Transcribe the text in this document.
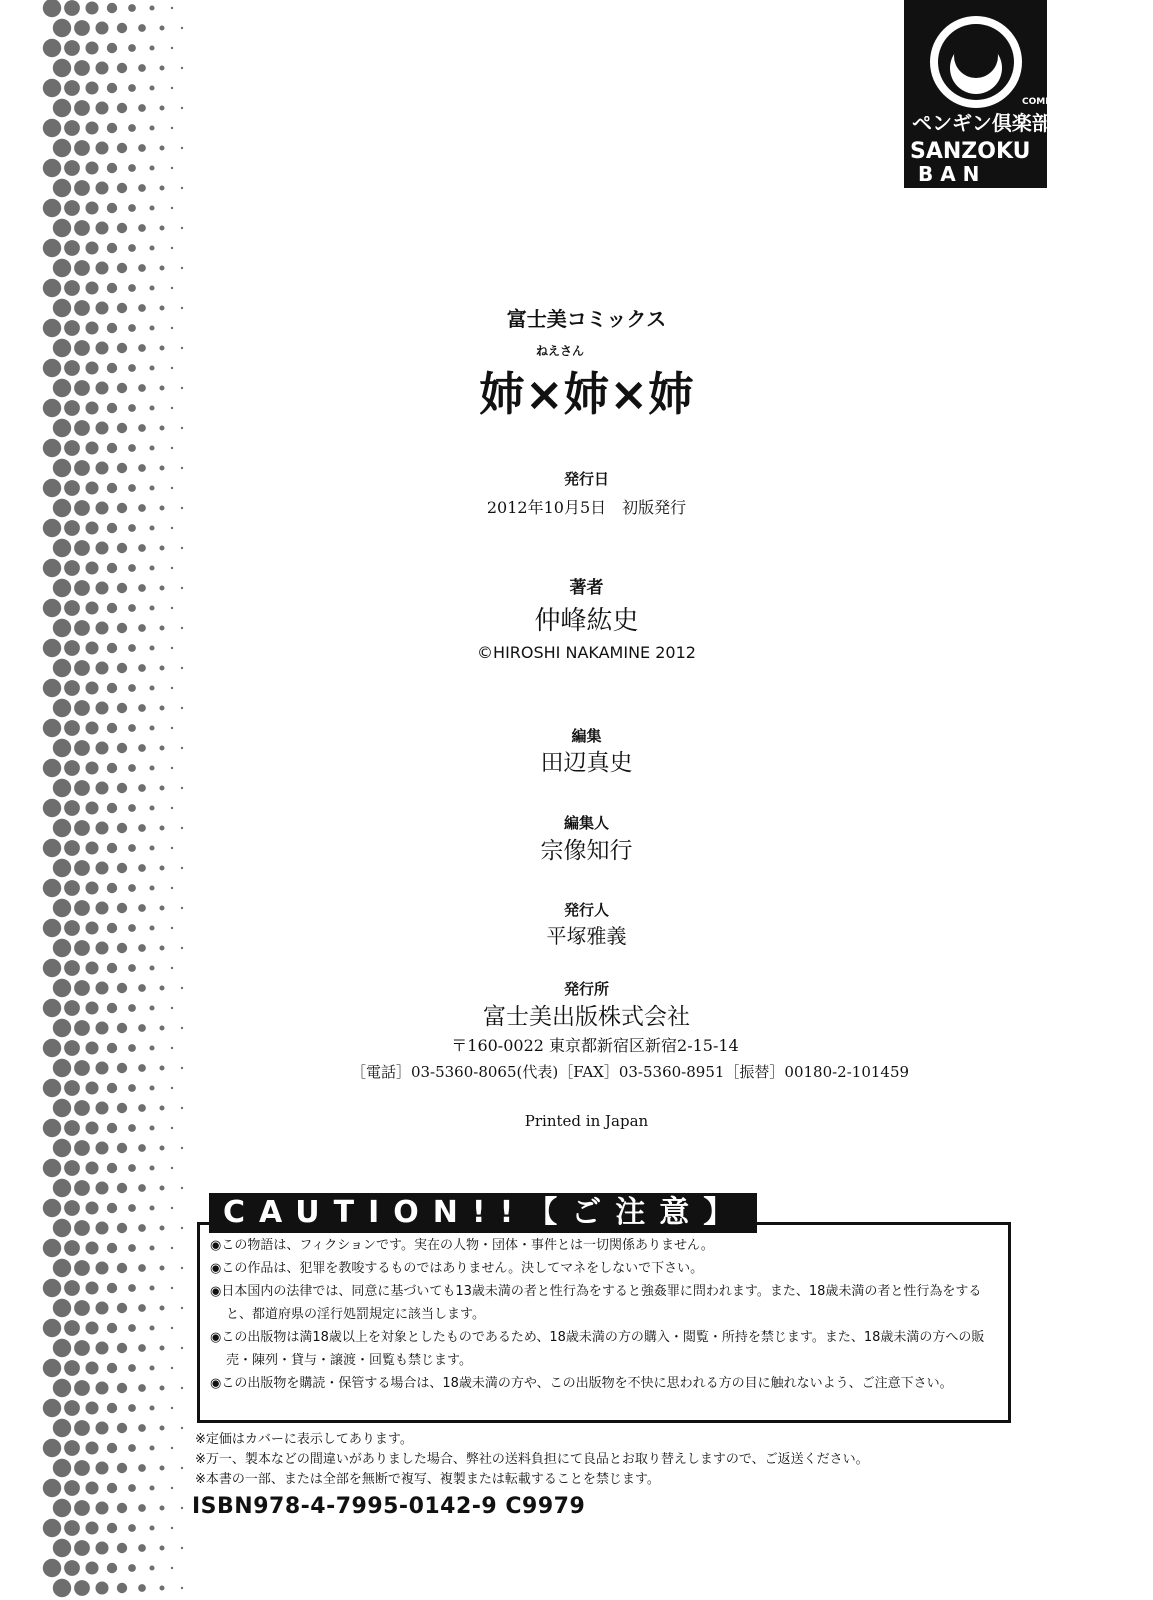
COMIC
ペンギン倶楽部
SANZOKU
B A N
富士美コミックス
ねえさん
姉×姉×姉
発行日
2012年10月5日　初版発行
著者
仲峰紘史
©HIROSHI NAKAMINE 2012
編集
田辺真史
編集人
宗像知行
発行人
平塚雅義
発行所
富士美出版株式会社
〒160-0022 東京都新宿区新宿2-15-14
［電話］03-5360-8065(代表)［FAX］03-5360-8951［振替］00180-2-101459
Printed in Japan
CAUTION!!【ご注意】
◉この物語は、フィクションです。実在の人物・団体・事件とは一切関係ありません。
◉この作品は、犯罪を教唆するものではありません。決してマネをしないで下さい。
◉日本国内の法律では、同意に基づいても13歳未満の者と性行為をすると強姦罪に問われます。また、18歳未満の者と性行為をすると、都道府県の淫行処罰規定に該当します。
◉この出版物は満18歳以上を対象としたものであるため、18歳未満の方の購入・閲覧・所持を禁じます。また、18歳未満の方への販売・陳列・貸与・譲渡・回覧も禁じます。
◉この出版物を購読・保管する場合は、18歳未満の方や、この出版物を不快に思われる方の目に触れないよう、ご注意下さい。
※定価はカバーに表示してあります。
※万一、製本などの間違いがありました場合、弊社の送料負担にて良品とお取り替えしますので、ご返送ください。
※本書の一部、または全部を無断で複写、複製または転載することを禁じます。
ISBN978-4-7995-0142-9 C9979
